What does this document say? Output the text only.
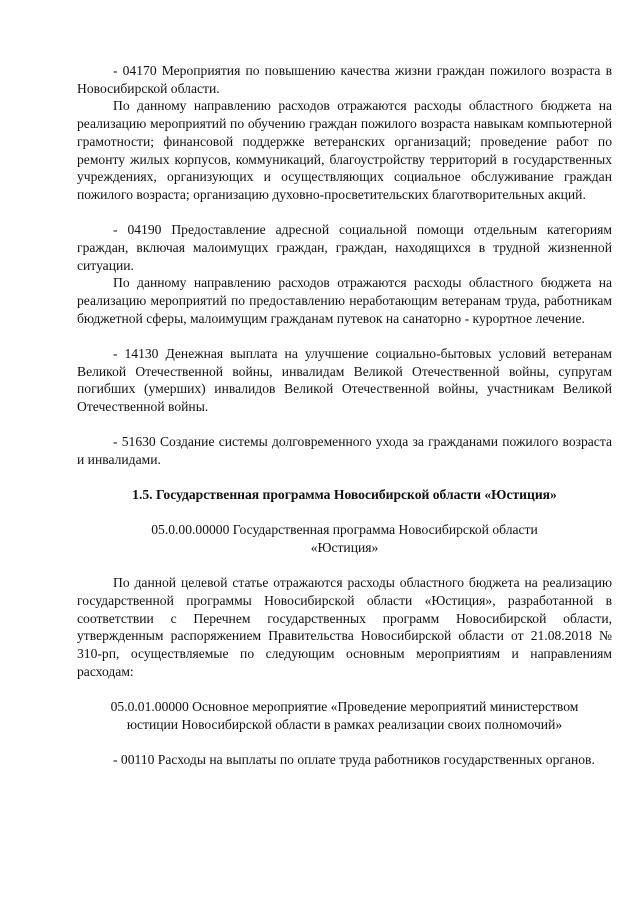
- 04170 Мероприятия по повышению качества жизни граждан пожилого возраста в Новосибирской области.

По данному направлению расходов отражаются расходы областного бюджета на реализацию мероприятий по обучению граждан пожилого возраста навыкам компьютерной грамотности; финансовой поддержке ветеранских организаций; проведение работ по ремонту жилых корпусов, коммуникаций, благоустройству территорий в государственных учреждениях, организующих и осуществляющих социальное обслуживание граждан пожилого возраста; организацию духовно-просветительских благотворительных акций.

- 04190 Предоставление адресной социальной помощи отдельным категориям граждан, включая малоимущих граждан, граждан, находящихся в трудной жизненной ситуации.

По данному направлению расходов отражаются расходы областного бюджета на реализацию мероприятий по предоставлению неработающим ветеранам труда, работникам бюджетной сферы, малоимущим гражданам путевок на санаторно - курортное лечение.

- 14130 Денежная выплата на улучшение социально-бытовых условий ветеранам Великой Отечественной войны, инвалидам Великой Отечественной войны, супругам погибших (умерших) инвалидов Великой Отечественной войны, участникам Великой Отечественной войны.

- 51630 Создание системы долговременного ухода за гражданами пожилого возраста и инвалидами.

1.5. Государственная программа Новосибирской области «Юстиция»

05.0.00.00000 Государственная программа Новосибирской области «Юстиция»

По данной целевой статье отражаются расходы областного бюджета на реализацию государственной программы Новосибирской области «Юстиция», разработанной в соответствии с Перечнем государственных программ Новосибирской области, утвержденным распоряжением Правительства Новосибирской области от 21.08.2018 № 310-рп, осуществляемые по следующим основным мероприятиям и направлениям расходам:

05.0.01.00000 Основное мероприятие «Проведение мероприятий министерством юстиции Новосибирской области в рамках реализации своих полномочий»

- 00110 Расходы на выплаты по оплате труда работников государственных органов.
